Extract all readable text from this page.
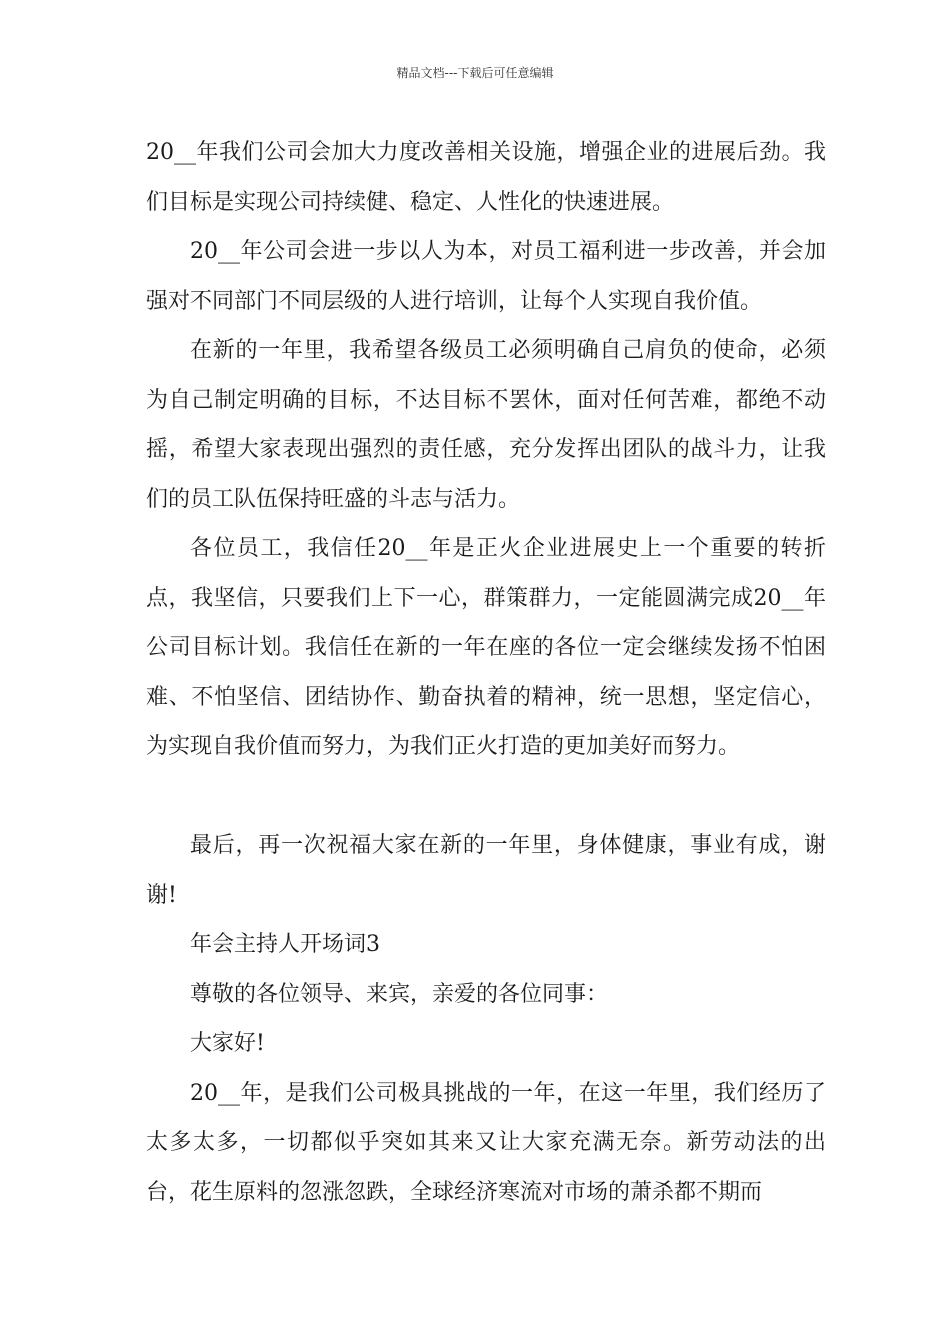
精品文档---下载后可任意编辑

20__年我们公司会加大力度改善相关设施，增强企业的进展后劲。我们目标是实现公司持续健、稳定、人性化的快速进展。

20__年公司会进一步以人为本，对员工福利进一步改善，并会加强对不同部门不同层级的人进行培训，让每个人实现自我价值。

在新的一年里，我希望各级员工必须明确自己肩负的使命，必须为自己制定明确的目标，不达目标不罢休，面对任何苦难，都绝不动摇，希望大家表现出强烈的责任感，充分发挥出团队的战斗力，让我们的员工队伍保持旺盛的斗志与活力。

各位员工，我信任20__年是正火企业进展史上一个重要的转折点，我坚信，只要我们上下一心，群策群力，一定能圆满完成20__年公司目标计划。我信任在新的一年在座的各位一定会继续发扬不怕困难、不怕坚信、团结协作、勤奋执着的精神，统一思想，坚定信心，为实现自我价值而努力，为我们正火打造的更加美好而努力。

最后，再一次祝福大家在新的一年里，身体健康，事业有成，谢谢!

年会主持人开场词3

尊敬的各位领导、来宾，亲爱的各位同事：

大家好!

20__年，是我们公司极具挑战的一年，在这一年里，我们经历了太多太多，一切都似乎突如其来又让大家充满无奈。新劳动法的出台，花生原料的忽涨忽跌，全球经济寒流对市场的萧杀都不期而
